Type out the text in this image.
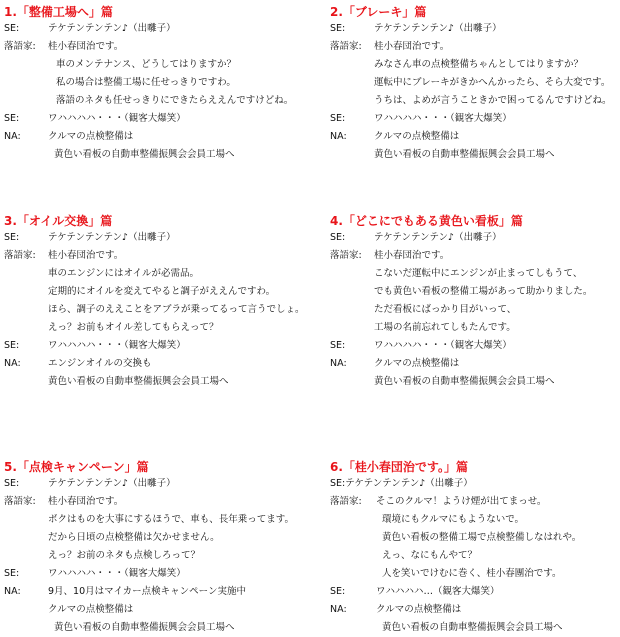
1.「整備工場へ」篇
SE:	テケテンテンテン♪（出囃子）
落語家: 桂小春団治です。
車のメンテナンス、どうしてはりますか？
私の場合は整備工場に任せっきりですわ。
落語のネタも任せっきりにできたらええんですけどね。
SE:	ワハハハハ・・・（観客大爆笑）
NA:	クルマの点検整備は
黄色い看板の自動車整備振興会会員工場へ
2.「ブレーキ」篇
SE:	テケテンテンテン♪（出囃子）
落語家: 桂小春団治です。
みなさん車の点検整備ちゃんとしてはりますか？
運転中にブレーキがきかへんかったら、そら大変です。
うちは、よめが言うこときかで困ってるんですけどね。
SE:	ワハハハハ・・・（観客大爆笑）
NA:	クルマの点検整備は
黄色い看板の自動車整備振興会会員工場へ
3.「オイル交換」篇
SE:	テケテンテンテン♪（出囃子）
落語家: 桂小春団治です。
車のエンジンにはオイルが必需品。
定期的にオイルを変えてやると調子がええんですわ。
ほら、調子のええことをアブラが乗ってるって言うでしょ。
えっ？お前もオイル差してもらえって？
SE:	ワハハハハ・・・（観客大爆笑）
NA:	エンジンオイルの交換も
黄色い看板の自動車整備振興会会員工場へ
4.「どこにでもある黄色い看板」篇
SE:	テケテンテンテン♪（出囃子）
落語家: 桂小春団治です。
こないだ運転中にエンジンが止まってしもうて、
でも黄色い看板の整備工場があって助かりました。
ただ看板にばっかり目がいって、
工場の名前忘れてしもたんです。
SE:	ワハハハハ・・・（観客大爆笑）
NA:	クルマの点検整備は
黄色い看板の自動車整備振興会会員工場へ
5.「点検キャンペーン」篇
SE:	テケテンテンテン♪（出囃子）
落語家: 桂小春団治です。
ボクはものを大事にするほうで、車も、長年乗ってます。
だから日頃の点検整備は欠かせません。
えっ？お前のネタも点検しろって？
SE:	ワハハハハ・・・（観客大爆笑）
NA:	9月、10月はマイカー点検キャンペーン実施中
クルマの点検整備は
黄色い看板の自動車整備振興会会員工場へ
6.「桂小春団治です。」篇
SE:テケテンテンテン♪（出囃子）
落語家: そこのクルマ！ようけ煙が出てまっせ。
環境にもクルマにもようないで。
黄色い看板の整備工場で点検整備しなはれや。
えっ、なにもんやて？
人を笑いでけむに巻く、桂小春團治です。
SE:	ワハハハハ…（観客大爆笑）
NA:	クルマの点検整備は
黄色い看板の自動車整備振興会会員工場へ
